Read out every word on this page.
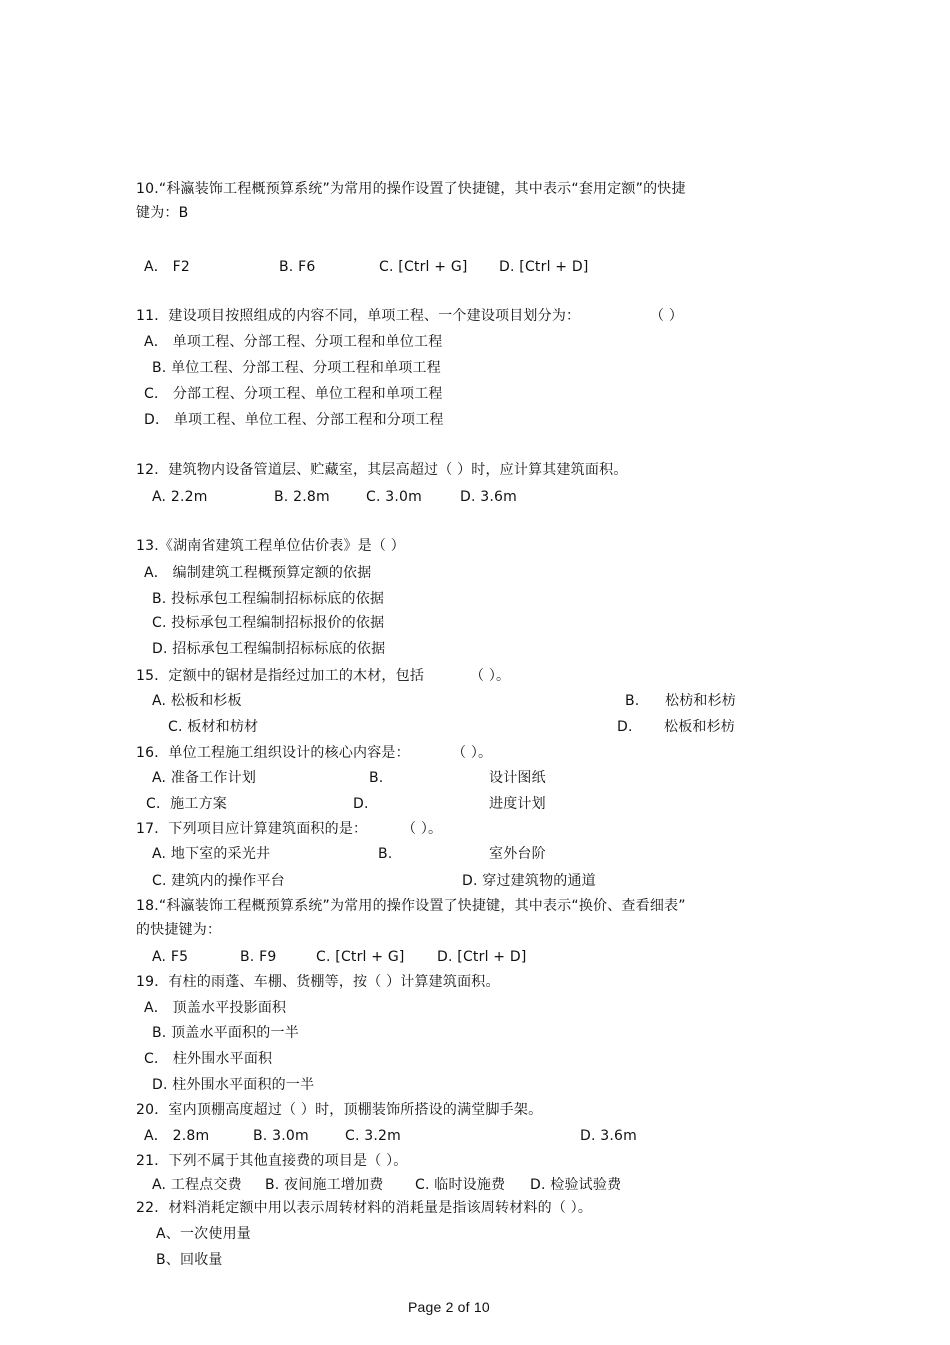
10.“科瀛装饰工程概预算系统”为常用的操作设置了快捷键，其中表示“套用定额”的快捷
键为：B
A． F2	B. F6	C. [Ctrl + G] D. [Ctrl + D]
11．建设项目按照组成的内容不同，单项工程、一个建设项目划分为：	（ ）
A． 单项工程、分部工程、分项工程和单位工程
B. 单位工程、分部工程、分项工程和单项工程
C． 分部工程、分项工程、单位工程和单项工程
D． 单项工程、单位工程、分部工程和分项工程
12．建筑物内设备管道层、贮藏室，其层高超过（ ）时，应计算其建筑面积。
A. 2.2m	B. 2.8m	C. 3.0m	D. 3.6m
13.《湖南省建筑工程单位估价表》是（ ）
A． 编制建筑工程概预算定额的依据
B. 投标承包工程编制招标标底的依据
C. 投标承包工程编制招标报价的依据
D. 招标承包工程编制招标标底的依据
15．定额中的锯材是指经过加工的木材，包括	（ ）。
A. 松板和杉板	B. 松枋和杉枋
C. 板材和枋材	D. 松板和杉枋
16．单位工程施工组织设计的核心内容是：	（ ）。
A. 准备工作计划	B.	设计图纸
C．施工方案	D.	进度计划
17．下列项目应计算建筑面积的是： （ ）。
A. 地下室的采光井	B.	室外台阶
C. 建筑内的操作平台	D. 穿过建筑物的通道
18.“科瀛装饰工程概预算系统”为常用的操作设置了快捷键，其中表示“换价、查看细表”
的快捷键为：
A. F5	B. F9	C. [Ctrl + G] D. [Ctrl + D]
19．有柱的雨蓬、车棚、货棚等，按（ ）计算建筑面积。
A． 顶盖水平投影面积
B. 顶盖水平面积的一半
C． 柱外围水平面积
D. 柱外围水平面积的一半
20．室内顶棚高度超过（ ）时，顶棚装饰所搭设的满堂脚手架。
A． 2.8m	B. 3.0m	C. 3.2m	D. 3.6m
21．下列不属于其他直接费的项目是（ ）。
A. 工程点交费 B. 夜间施工增加费 C. 临时设施费 D. 检验试验费
22．材料消耗定额中用以表示周转材料的消耗量是指该周转材料的（ ）。
A、一次使用量
B、回收量
Page 2 of 10
